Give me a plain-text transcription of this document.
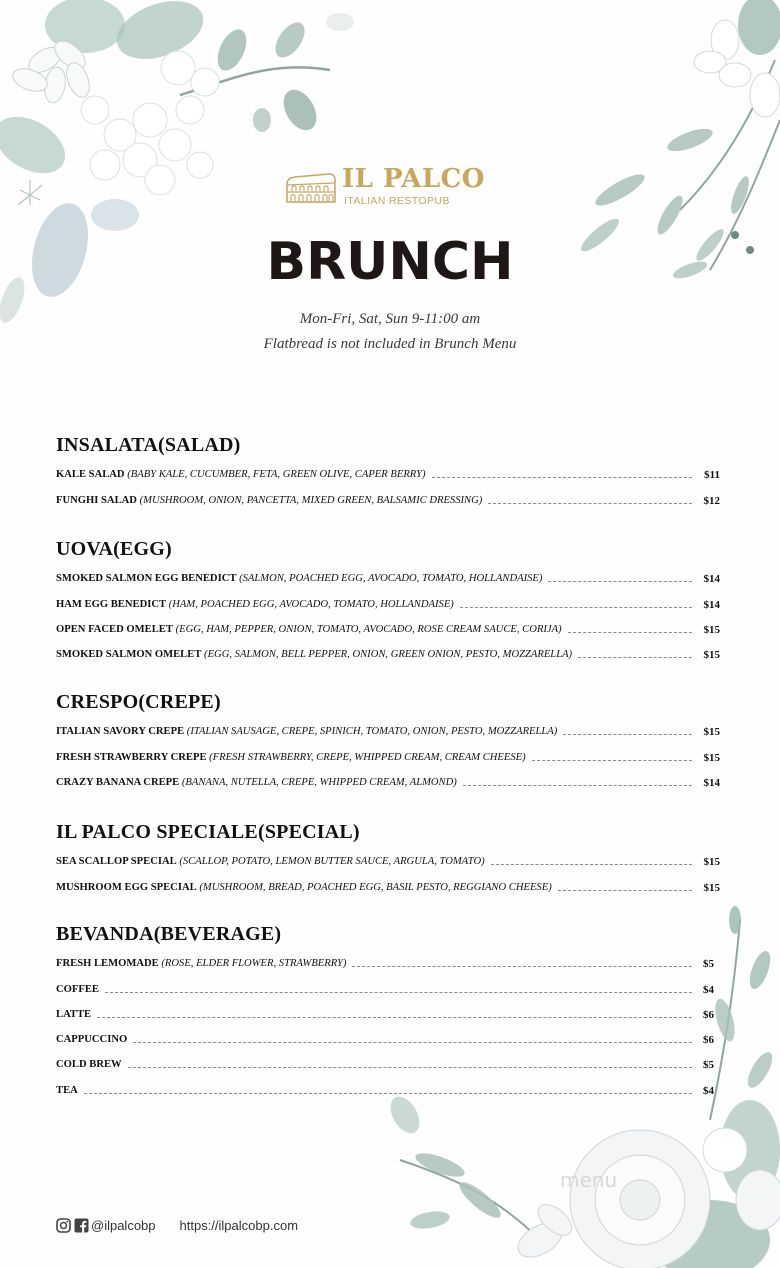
IL PALCO
ITALIAN RESTOPUB
BRUNCH
Mon-Fri, Sat, Sun 9-11:00 am
Flatbread is not included in Brunch Menu
INSALATA(SALAD)
KALE SALAD (BABY KALE, CUCUMBER, FETA, GREEN OLIVE, CAPER BERRY)	$11
FUNGHI SALAD (MUSHROOM, ONION, PANCETTA, MIXED GREEN, BALSAMIC DRESSING)	$12
UOVA(EGG)
SMOKED SALMON EGG BENEDICT (SALMON, POACHED EGG, AVOCADO, TOMATO, HOLLANDAISE)	$14
HAM EGG BENEDICT (HAM, POACHED EGG, AVOCADO, TOMATO, HOLLANDAISE)	$14
OPEN FACED OMELET (EGG, HAM, PEPPER, ONION, TOMATO, AVOCADO, ROSE CREAM SAUCE, CORIJA)	$15
SMOKED SALMON OMELET (EGG, SALMON, BELL PEPPER, ONION, GREEN ONION, PESTO, MOZZARELLA)	$15
CRESPO(CREPE)
ITALIAN SAVORY CREPE (ITALIAN SAUSAGE, CREPE, SPINICH, TOMATO, ONION, PESTO, MOZZARELLA)	$15
FRESH STRAWBERRY CREPE (FRESH STRAWBERRY, CREPE, WHIPPED CREAM, CREAM CHEESE)	$15
CRAZY BANANA CREPE (BANANA, NUTELLA, CREPE, WHIPPED CREAM, ALMOND)	$14
IL PALCO SPECIALE(SPECIAL)
SEA SCALLOP SPECIAL (SCALLOP, POTATO, LEMON BUTTER SAUCE, ARGULA, TOMATO)	$15
MUSHROOM EGG SPECIAL (MUSHROOM, BREAD, POACHED EGG, BASIL PESTO, REGGIANO CHEESE)	$15
BEVANDA(BEVERAGE)
FRESH LEMOMADE (ROSE, ELDER FLOWER, STRAWBERRY)	$5
COFFEE	$4
LATTE	$6
CAPPUCCINO	$6
COLD BREW	$5
TEA	$4
@ilpalcobp https://ilpalcobp.com
menu
